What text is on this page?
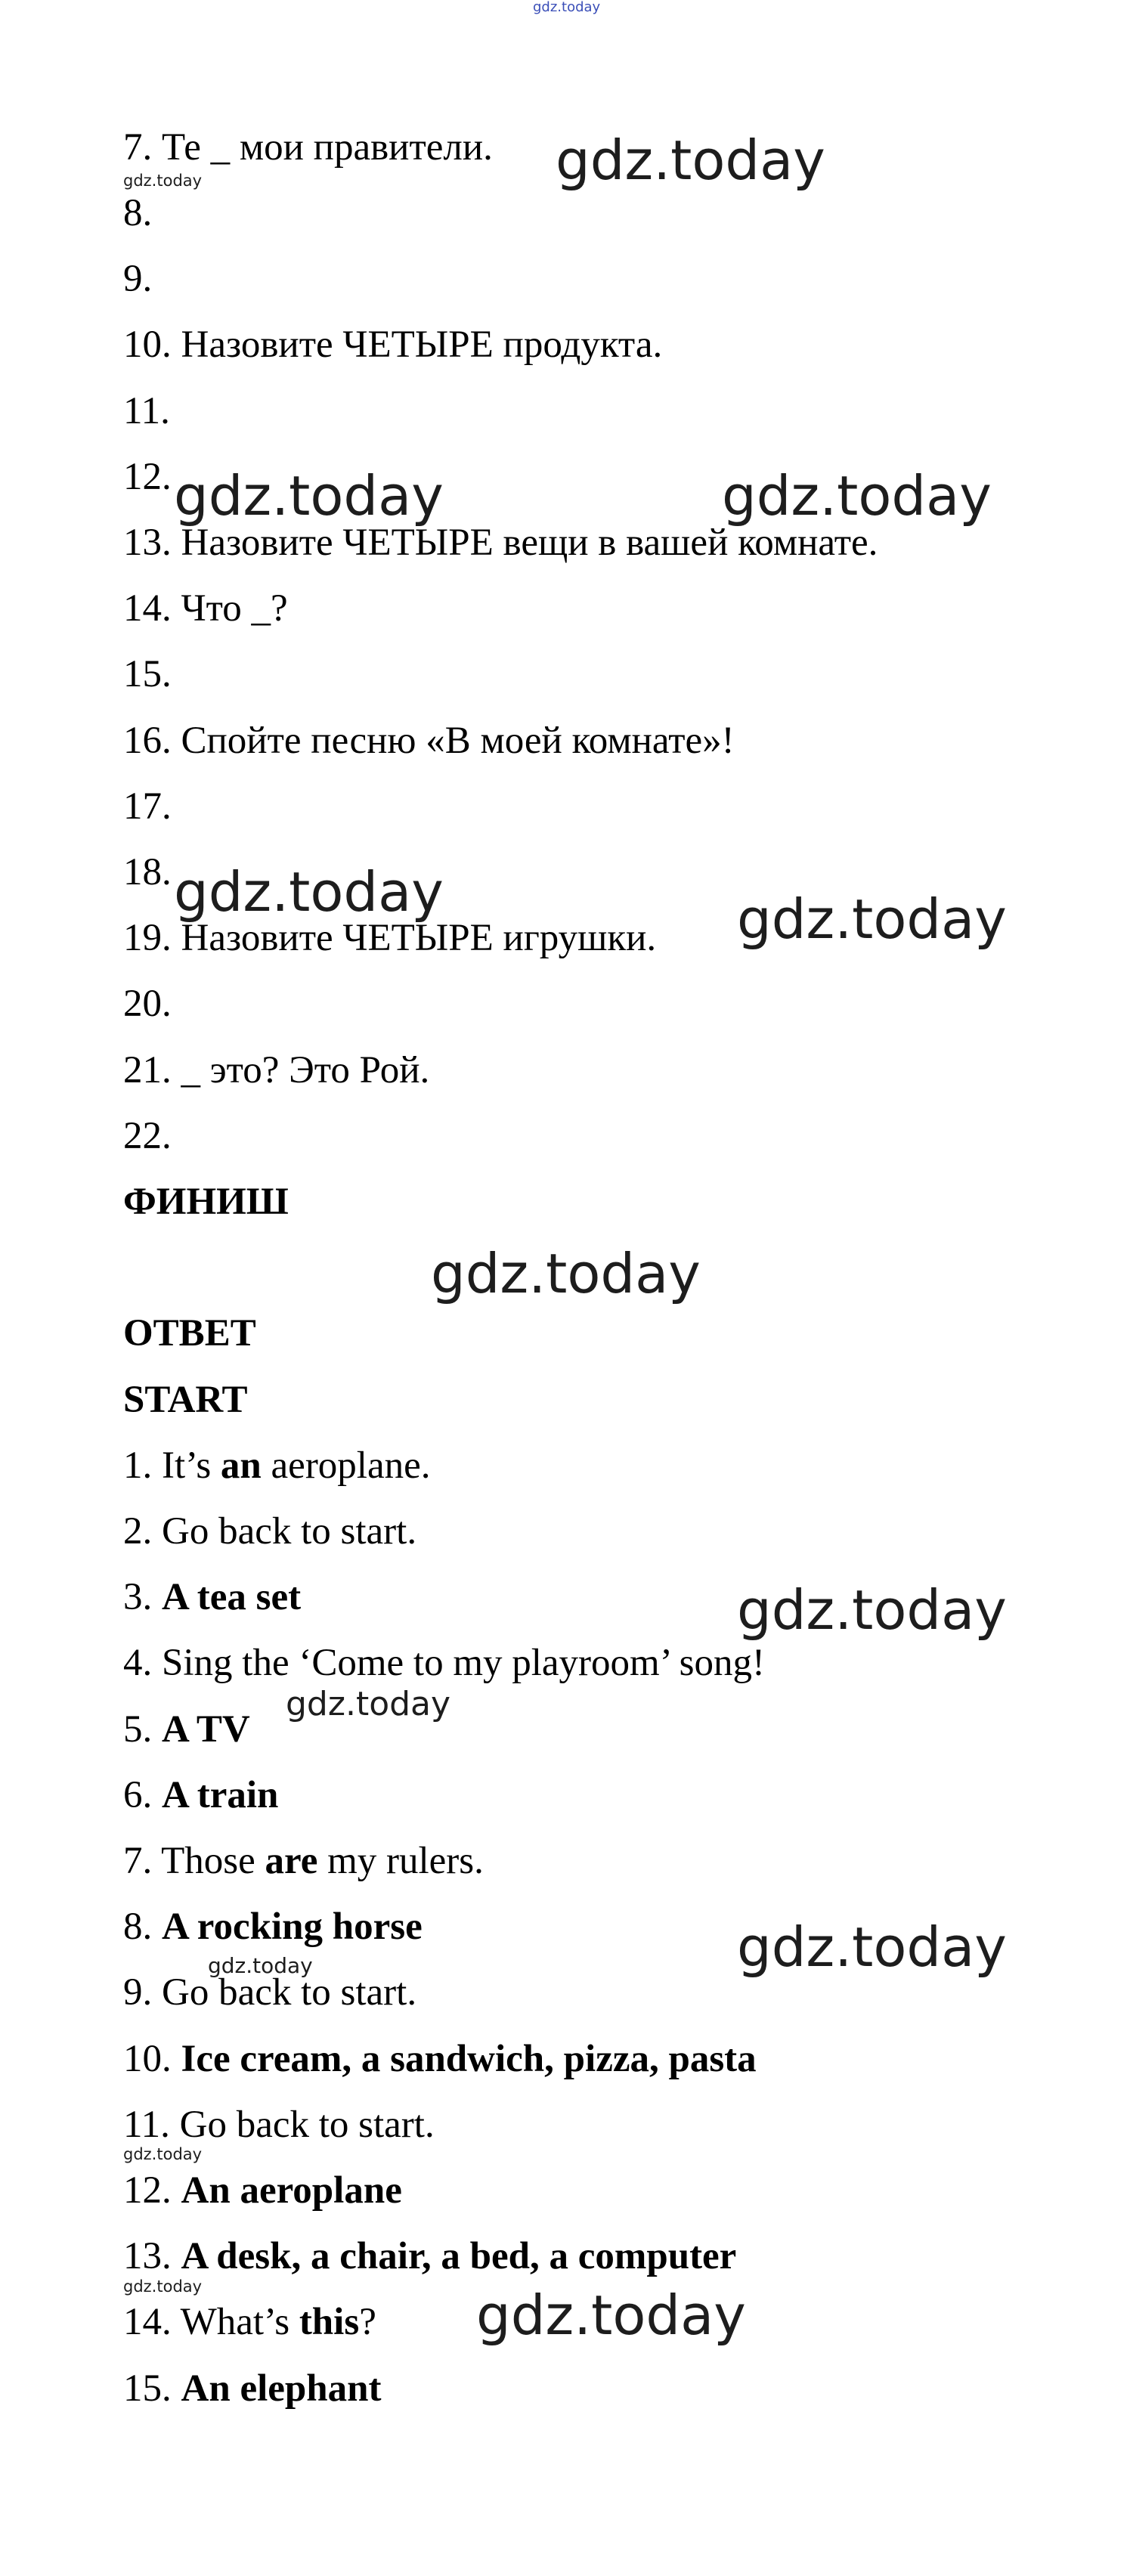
7. Те _ мои правители.

8.

9.

10. Назовите ЧЕТЫРЕ продукта.

11.

12.

13. Назовите ЧЕТЫРЕ вещи в вашей комнате.

14. Что _?

15.

16. Спойте песню «В моей комнате»!

17.

18.

19. Назовите ЧЕТЫРЕ игрушки.

20.

21. _ это? Это Рой.

22.

ФИНИШ

ОТВЕТ

START

1. It’s an aeroplane.

2. Go back to start.

3. A tea set

4. Sing the ‘Come to my playroom’ song!

5. A TV

6. A train

7. Those are my rulers.

8. A rocking horse

9. Go back to start.

10. Ice cream, a sandwich, pizza, pasta

11. Go back to start.

12. An aeroplane

13. A desk, a chair, a bed, a computer

14. What’s this?

15. An elephant

gdz.today
gdz.today
gdz.today
gdz.today	gdz.today
gdz.today	gdz.today
gdz.today
gdz.today
gdz.today
gdz.today
gdz.today
gdz.today
gdz.today	gdz.today
